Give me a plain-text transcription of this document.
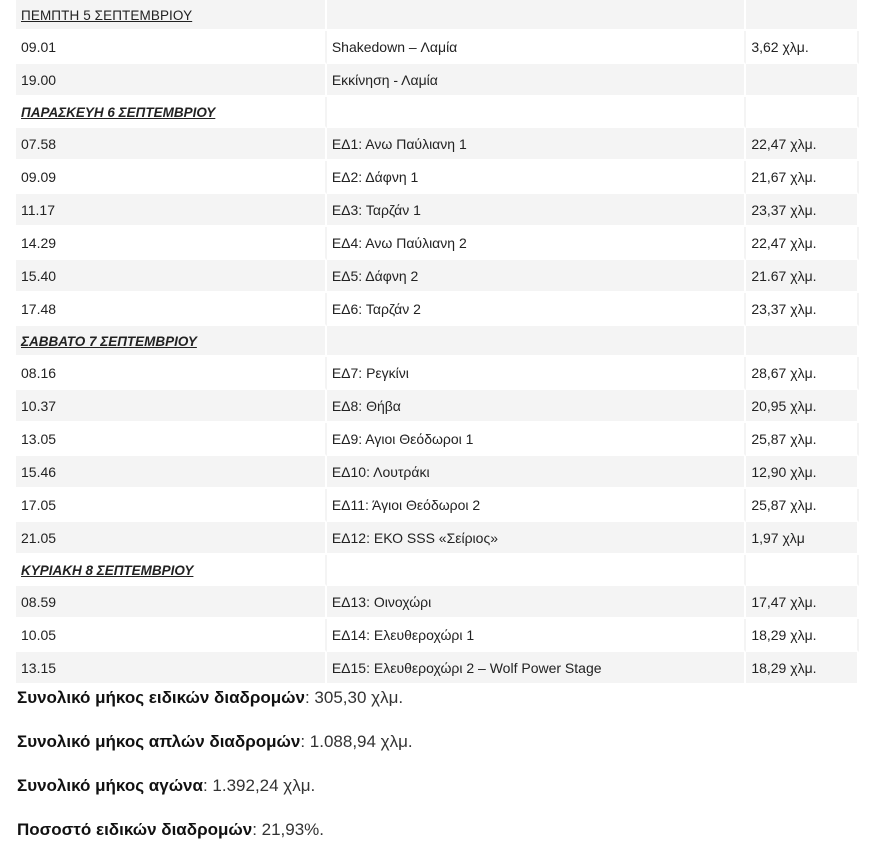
ΠΕΜΠΤΗ 5 ΣΕΠΤΕΜΒΡΙΟΥ		
09.01	Shakedown – Λαμία	3,62 χλμ.
19.00	Εκκίνηση - Λαμία	
ΠΑΡΑΣΚΕΥΗ 6 ΣΕΠΤΕΜΒΡΙΟΥ		
07.58	ΕΔ1: Ανω Παύλιανη 1	22,47 χλμ.
09.09	ΕΔ2: Δάφνη 1	21,67 χλμ.
11.17	ΕΔ3: Ταρζάν 1	23,37 χλμ.
14.29	ΕΔ4: Ανω Παύλιανη 2	22,47 χλμ.
15.40	ΕΔ5: Δάφνη 2	21.67 χλμ.
17.48	ΕΔ6: Ταρζάν 2	23,37 χλμ.
ΣΑΒΒΑΤΟ 7 ΣΕΠΤΕΜΒΡΙΟΥ		
08.16	ΕΔ7: Ρεγκίνι	28,67 χλμ.
10.37	ΕΔ8: Θήβα	20,95 χλμ.
13.05	ΕΔ9: Αγιοι Θεόδωροι 1	25,87 χλμ.
15.46	ΕΔ10: Λουτράκι	12,90 χλμ.
17.05	ΕΔ11: Άγιοι Θεόδωροι 2	25,87 χλμ.
21.05	ΕΔ12: ΕΚΟ SSS «Σείριος»	1,97 χλμ
ΚΥΡΙΑΚΗ 8 ΣΕΠΤΕΜΒΡΙΟΥ		
08.59	ΕΔ13: Οινοχώρι	17,47 χλμ.
10.05	ΕΔ14: Ελευθεροχώρι 1	18,29 χλμ.
13.15	ΕΔ15: Ελευθεροχώρι 2 – Wolf Power Stage	18,29 χλμ.
Συνολικό μήκος ειδικών διαδρομών: 305,30 χλμ.
Συνολικό μήκος απλών διαδρομών: 1.088,94 χλμ.
Συνολικό μήκος αγώνα: 1.392,24 χλμ.
Ποσοστό ειδικών διαδρομών: 21,93%.
